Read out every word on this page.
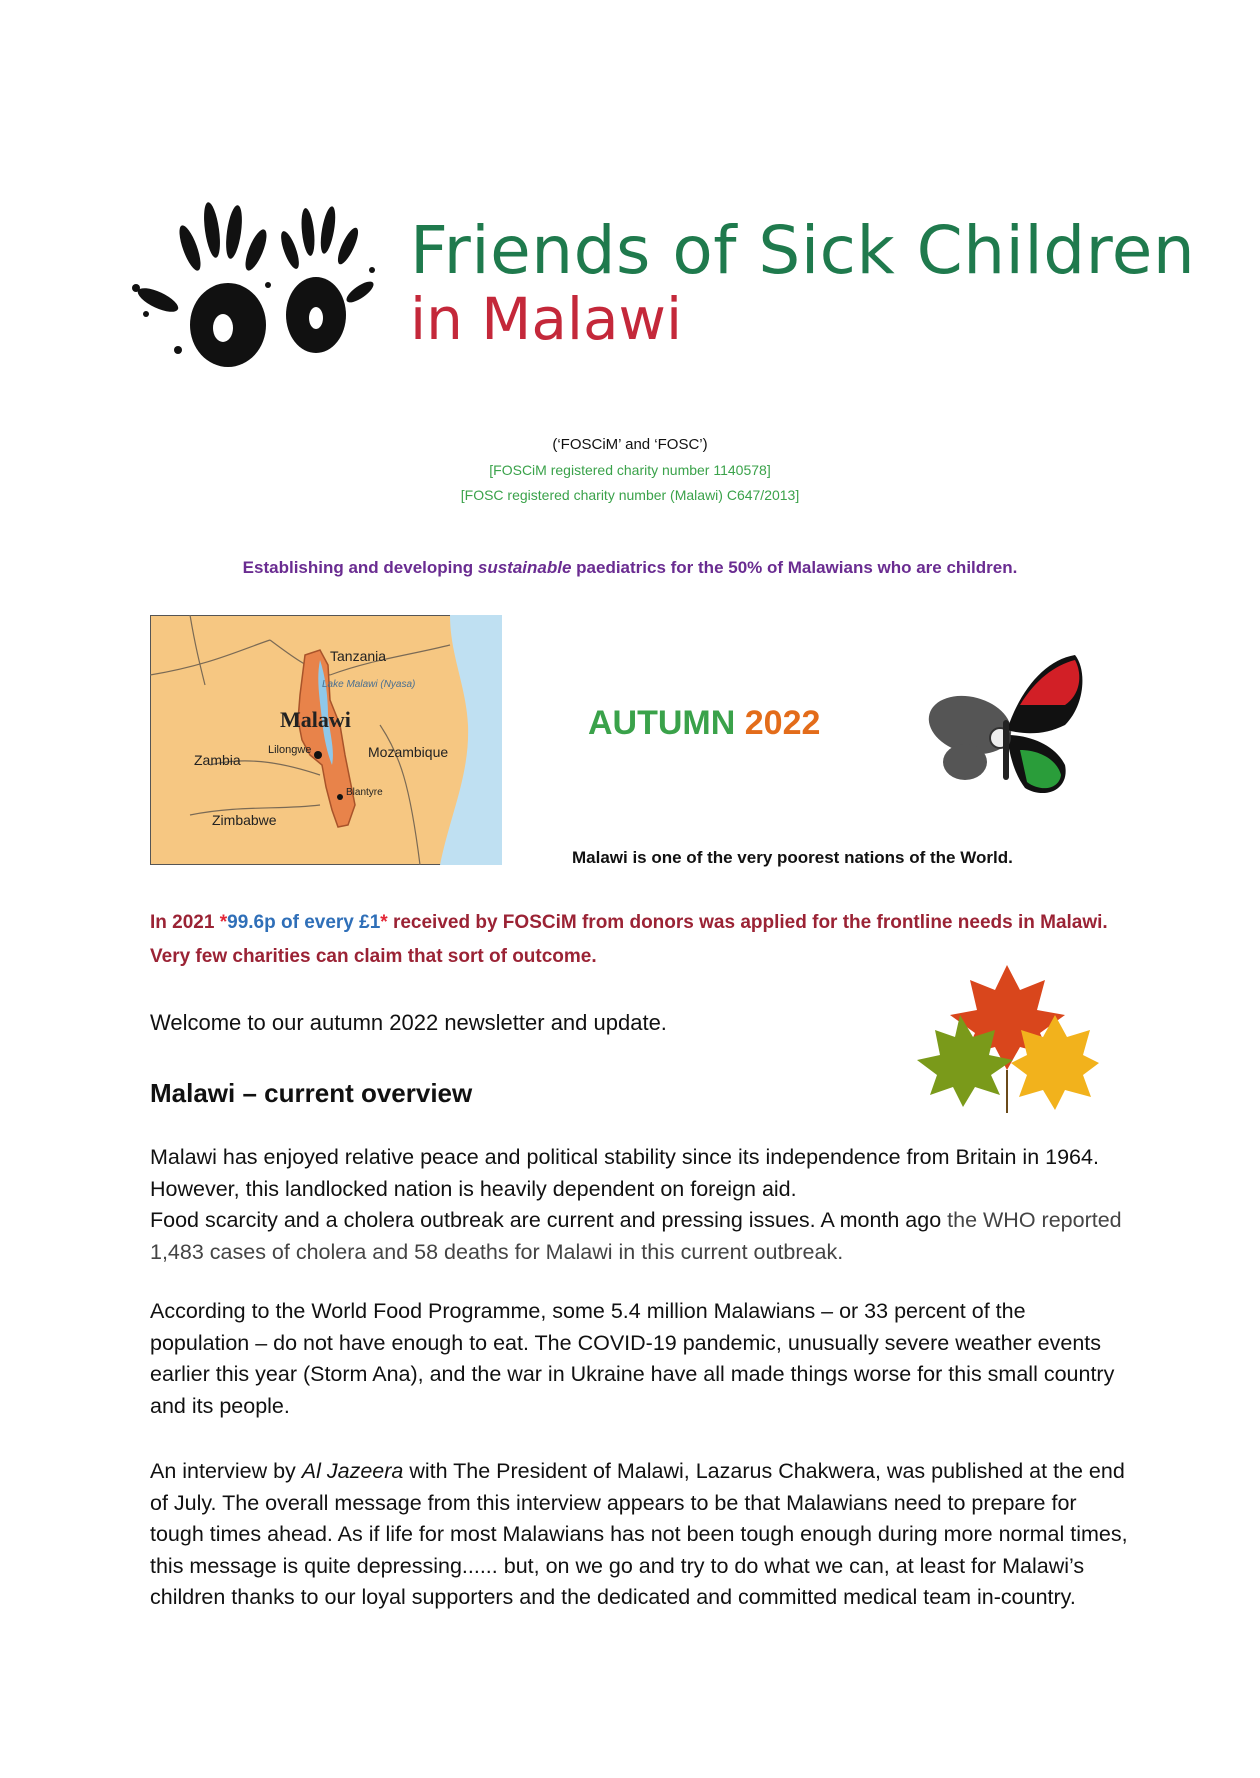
Friends of Sick Children
in Malawi
(‘FOSCiM’ and ‘FOSC’)
[FOSCiM registered charity number 1140578]
[FOSC registered charity number (Malawi) C647/2013]
Establishing and developing sustainable paediatrics for the 50% of Malawians who are children.
Tanzania
Lake Malawi (Nyasa)
Malawi
Lilongwe
Zambia	Mozambique
Blantyre
Zimbabwe
AUTUMN 2022
Malawi is one of the very poorest nations of the World.
In 2021 *99.6p of every £1* received by FOSCiM from donors was applied for the frontline needs in Malawi. Very few charities can claim that sort of outcome.
Welcome to our autumn 2022 newsletter and update.
Malawi – current overview
Malawi has enjoyed relative peace and political stability since its independence from Britain in 1964. However, this landlocked nation is heavily dependent on foreign aid.
Food scarcity and a cholera outbreak are current and pressing issues. A month ago the WHO reported 1,483 cases of cholera and 58 deaths for Malawi in this current outbreak.
According to the World Food Programme, some 5.4 million Malawians – or 33 percent of the population – do not have enough to eat. The COVID-19 pandemic, unusually severe weather events earlier this year (Storm Ana), and the war in Ukraine have all made things worse for this small country and its people.
An interview by Al Jazeera with The President of Malawi, Lazarus Chakwera, was published at the end of July. The overall message from this interview appears to be that Malawians need to prepare for tough times ahead. As if life for most Malawians has not been tough enough during more normal times, this message is quite depressing...... but, on we go and try to do what we can, at least for Malawi’s children thanks to our loyal supporters and the dedicated and committed medical team in-country.
